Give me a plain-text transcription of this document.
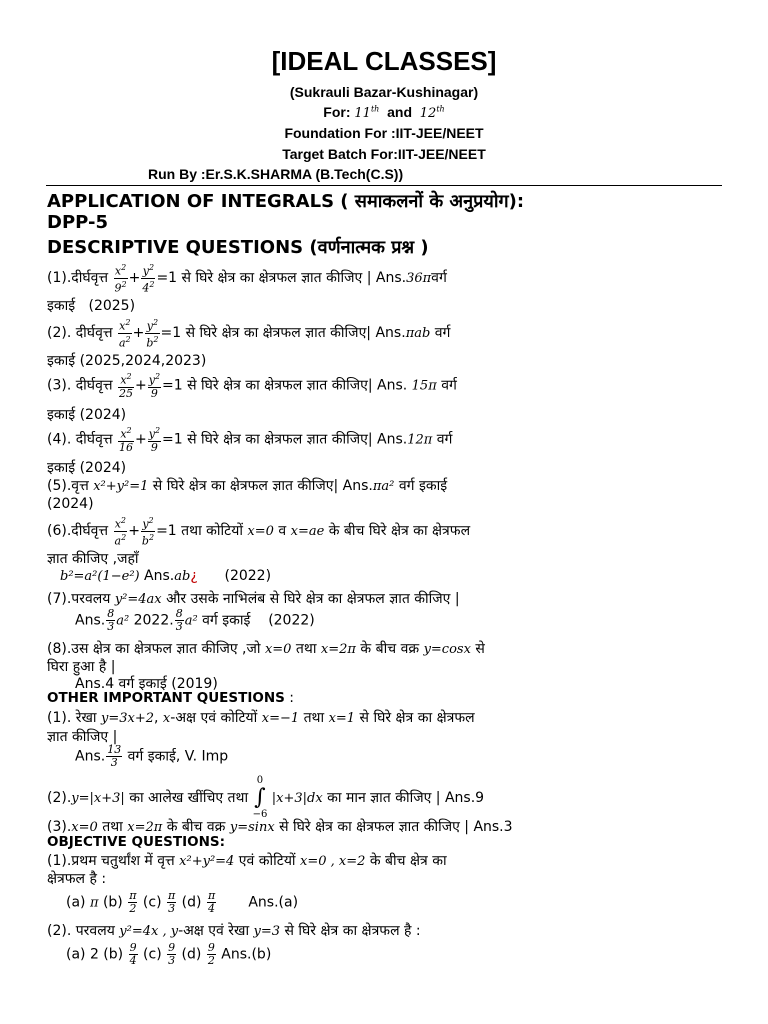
[IDEAL CLASSES]
(Sukrauli Bazar-Kushinagar)
For: 11th and 12th
Foundation For :IIT-JEE/NEET
Target Batch For:IIT-JEE/NEET
Run By :Er.S.K.SHARMA (B.Tech(C.S))
APPLICATION OF INTEGRALS ( समाकलनों के अनुप्रयोग):
DPP-5
DESCRIPTIVE QUESTIONS (वर्णनात्मक प्रश्न )
(1).दीर्घवृत्त $\frac{x^2}{9^2} + \frac{y^2}{4^2} =1$ से घिरे क्षेत्र का क्षेत्रफल ज्ञात कीजिए | Ans.36πवर्ग
इकाई (2025)
(2). दीर्घवृत्त $\frac{x^2}{a^2} + \frac{y^2}{b^2} =1$ से घिरे क्षेत्र का क्षेत्रफल ज्ञात कीजिए| Ans.πab वर्ग
इकाई (2025,2024,2023)
(3). दीर्घवृत्त $\frac{x^2}{25} + \frac{y^2}{9} =1$ से घिरे क्षेत्र का क्षेत्रफल ज्ञात कीजिए| Ans. 15π वर्ग
इकाई (2024)
(4). दीर्घवृत्त $\frac{x^2}{16} + \frac{y^2}{9} =1$ से घिरे क्षेत्र का क्षेत्रफल ज्ञात कीजिए| Ans.12π वर्ग
इकाई (2024)
(5).वृत्त x²+y²=1 से घिरे क्षेत्र का क्षेत्रफल ज्ञात कीजिए| Ans.πa² वर्ग इकाई
(2024)
(6).दीर्घवृत्त $\frac{x^2}{a^2} + \frac{y^2}{b^2} =1$ तथा कोटियों x=0 व x=ae के बीच घिरे क्षेत्र का क्षेत्रफल
ज्ञात कीजिए ,जहाँ
b²=a²(1−e²) Ans.ab¿ (2022)
(7).परवलय y²=4ax और उसके नाभिलंब से घिरे क्षेत्र का क्षेत्रफल ज्ञात कीजिए |
Ans. $\frac{8}{3} a^2$ 2022. $\frac{8}{3} a^2$ वर्ग इकाई (2022)
(8).उस क्षेत्र का क्षेत्रफल ज्ञात कीजिए ,जो x=0 तथा x=2π के बीच वक्र y=cosx से
घिरा हुआ है |
Ans.4 वर्ग इकाई (2019)
OTHER IMPORTANT QUESTIONS :
(1). रेखा y=3x+2, x-अक्ष एवं कोटियों x=−1 तथा x=1 से घिरे क्षेत्र का क्षेत्रफल
ज्ञात कीजिए |
Ans. $\frac{13}{3}$ वर्ग इकाई, V. Imp
(2).y=|x+3| का आलेख खींचिए तथा 0
∫
−6 |x+3|dx का मान ज्ञात कीजिए | Ans.9
(3).x=0 तथा x=2π के बीच वक्र y=sinx से घिरे क्षेत्र का क्षेत्रफल ज्ञात कीजिए | Ans.3
OBJECTIVE QUESTIONS:
(1).प्रथम चतुर्थांश में वृत्त x²+y²=4 एवं कोटियों x=0 , x=2 के बीच क्षेत्र का
क्षेत्रफल है :
(a) π $(b) \frac{\pi}{2} (c) \frac{\pi}{3} (d) \frac{\pi}{4} Ans.(a)$
(2). परवलय y²=4x , y-अक्ष एवं रेखा y=3 से घिरे क्षेत्र का क्षेत्रफल है :
(a) 2 $(b) \frac{9}{4} (c) \frac{9}{3} (d) \frac{9}{2} Ans.(b)$
